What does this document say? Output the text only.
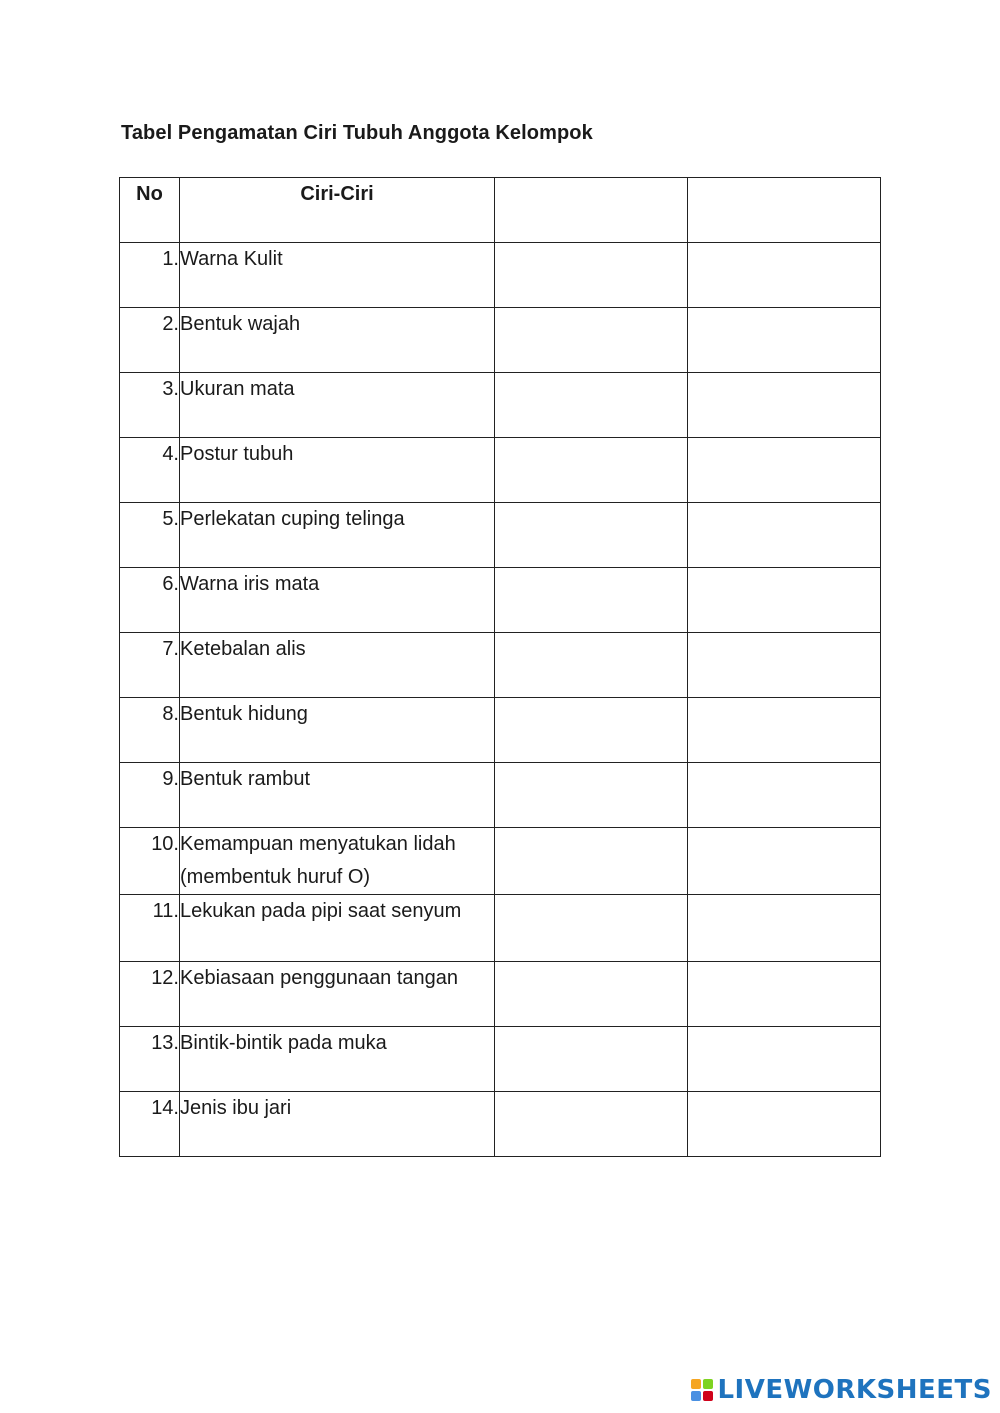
Tabel Pengamatan Ciri Tubuh Anggota Kelompok
No	Ciri-Ciri		
1.	Warna Kulit		
2.	Bentuk wajah		
3.	Ukuran mata		
4.	Postur tubuh		
5.	Perlekatan cuping telinga		
6.	Warna iris mata		
7.	Ketebalan alis		
8.	Bentuk hidung		
9.	Bentuk rambut		
10.	Kemampuan menyatukan lidah (membentuk huruf O)		
11.	Lekukan pada pipi saat senyum		
12.	Kebiasaan penggunaan tangan		
13.	Bintik-bintik pada muka		
14.	Jenis ibu jari		
LIVEWORKSHEETS
